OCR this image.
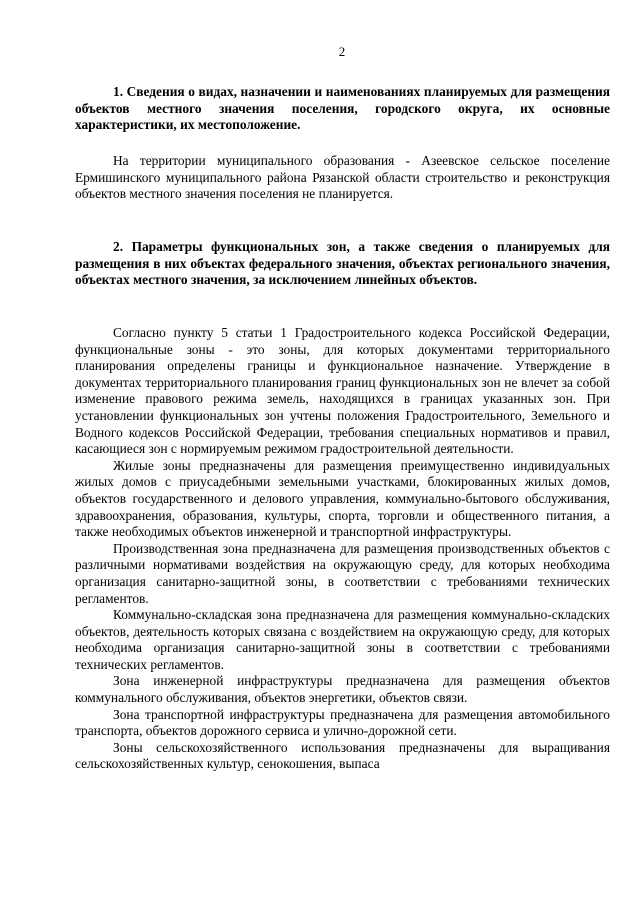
2

1. Сведения о видах, назначении и наименованиях планируемых для размещения объектов местного значения поселения, городского округа, их основные характеристики, их местоположение.

На территории муниципального образования - Азеевское сельское поселение Ермишинского муниципального района Рязанской области строительство и реконструкция объектов местного значения поселения не планируется.

2. Параметры функциональных зон, а также сведения о планируемых для размещения в них объектах федерального значения, объектах регионального значения, объектах местного значения, за исключением линейных объектов.

Согласно пункту 5 статьи 1 Градостроительного кодекса Российской Федерации, функциональные зоны - это зоны, для которых документами территориального планирования определены границы и функциональное назначение. Утверждение в документах территориального планирования границ функциональных зон не влечет за собой изменение правового режима земель, находящихся в границах указанных зон. При установлении функциональных зон учтены положения Градостроительного, Земельного и Водного кодексов Российской Федерации, требования специальных нормативов и правил, касающиеся зон с нормируемым режимом градостроительной деятельности.

Жилые зоны предназначены для размещения преимущественно индивидуальных жилых домов с приусадебными земельными участками, блокированных жилых домов, объектов государственного и делового управления, коммунально-бытового обслуживания, здравоохранения, образования, культуры, спорта, торговли и общественного питания, а также необходимых объектов инженерной и транспортной инфраструктуры.

Производственная зона предназначена для размещения производственных объектов с различными нормативами воздействия на окружающую среду, для которых необходима организация санитарно-защитной зоны, в соответствии с требованиями технических регламентов.

Коммунально-складская зона предназначена для размещения коммунально-складских объектов, деятельность которых связана с воздействием на окружающую среду, для которых необходима организация санитарно-защитной зоны в соответствии с требованиями технических регламентов.

Зона инженерной инфраструктуры предназначена для размещения объектов коммунального обслуживания, объектов энергетики, объектов связи.

Зона транспортной инфраструктуры предназначена для размещения автомобильного транспорта, объектов дорожного сервиса и улично-дорожной сети.

Зоны сельскохозяйственного использования предназначены для выращивания сельскохозяйственных культур, сенокошения, выпаса
